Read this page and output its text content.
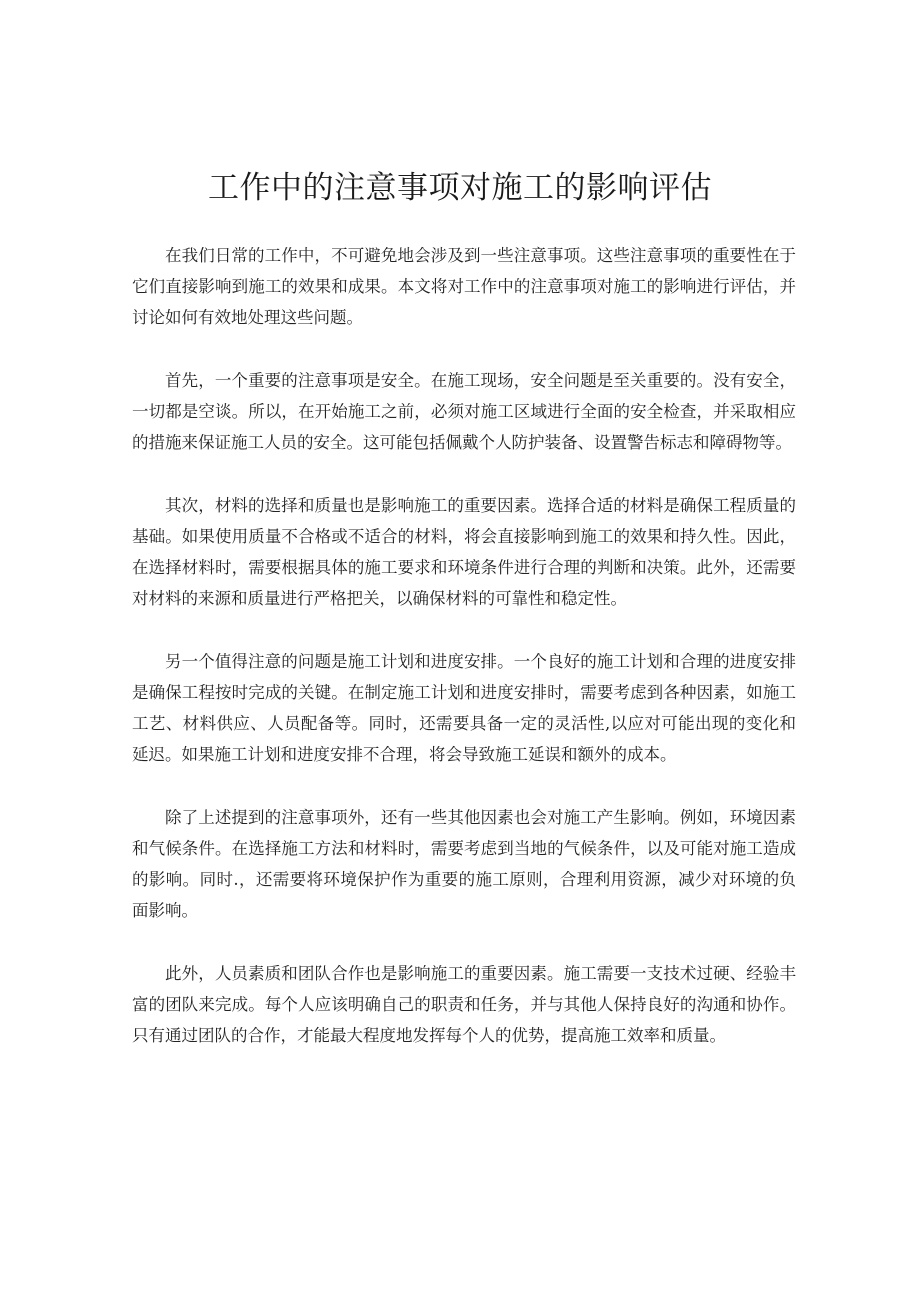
工作中的注意事项对施工的影响评估

在我们日常的工作中，不可避免地会涉及到一些注意事项。这些注意事项的重要性在于它们直接影响到施工的效果和成果。本文将对工作中的注意事项对施工的影响进行评估，并讨论如何有效地处理这些问题。

首先，一个重要的注意事项是安全。在施工现场，安全问题是至关重要的。没有安全，一切都是空谈。所以，在开始施工之前，必须对施工区域进行全面的安全检查，并采取相应的措施来保证施工人员的安全。这可能包括佩戴个人防护装备、设置警告标志和障碍物等。

其次，材料的选择和质量也是影响施工的重要因素。选择合适的材料是确保工程质量的基础。如果使用质量不合格或不适合的材料，将会直接影响到施工的效果和持久性。因此，在选择材料时，需要根据具体的施工要求和环境条件进行合理的判断和决策。此外，还需要对材料的来源和质量进行严格把关，以确保材料的可靠性和稳定性。

另一个值得注意的问题是施工计划和进度安排。一个良好的施工计划和合理的进度安排是确保工程按时完成的关键。在制定施工计划和进度安排时，需要考虑到各种因素，如施工工艺、材料供应、人员配备等。同时，还需要具备一定的灵活性,以应对可能出现的变化和延迟。如果施工计划和进度安排不合理，将会导致施工延误和额外的成本。

除了上述提到的注意事项外，还有一些其他因素也会对施工产生影响。例如，环境因素和气候条件。在选择施工方法和材料时，需要考虑到当地的气候条件，以及可能对施工造成的影响。同时.，还需要将环境保护作为重要的施工原则，合理利用资源，减少对环境的负面影响。

此外，人员素质和团队合作也是影响施工的重要因素。施工需要一支技术过硬、经验丰富的团队来完成。每个人应该明确自己的职责和任务，并与其他人保持良好的沟通和协作。只有通过团队的合作，才能最大程度地发挥每个人的优势，提高施工效率和质量。
